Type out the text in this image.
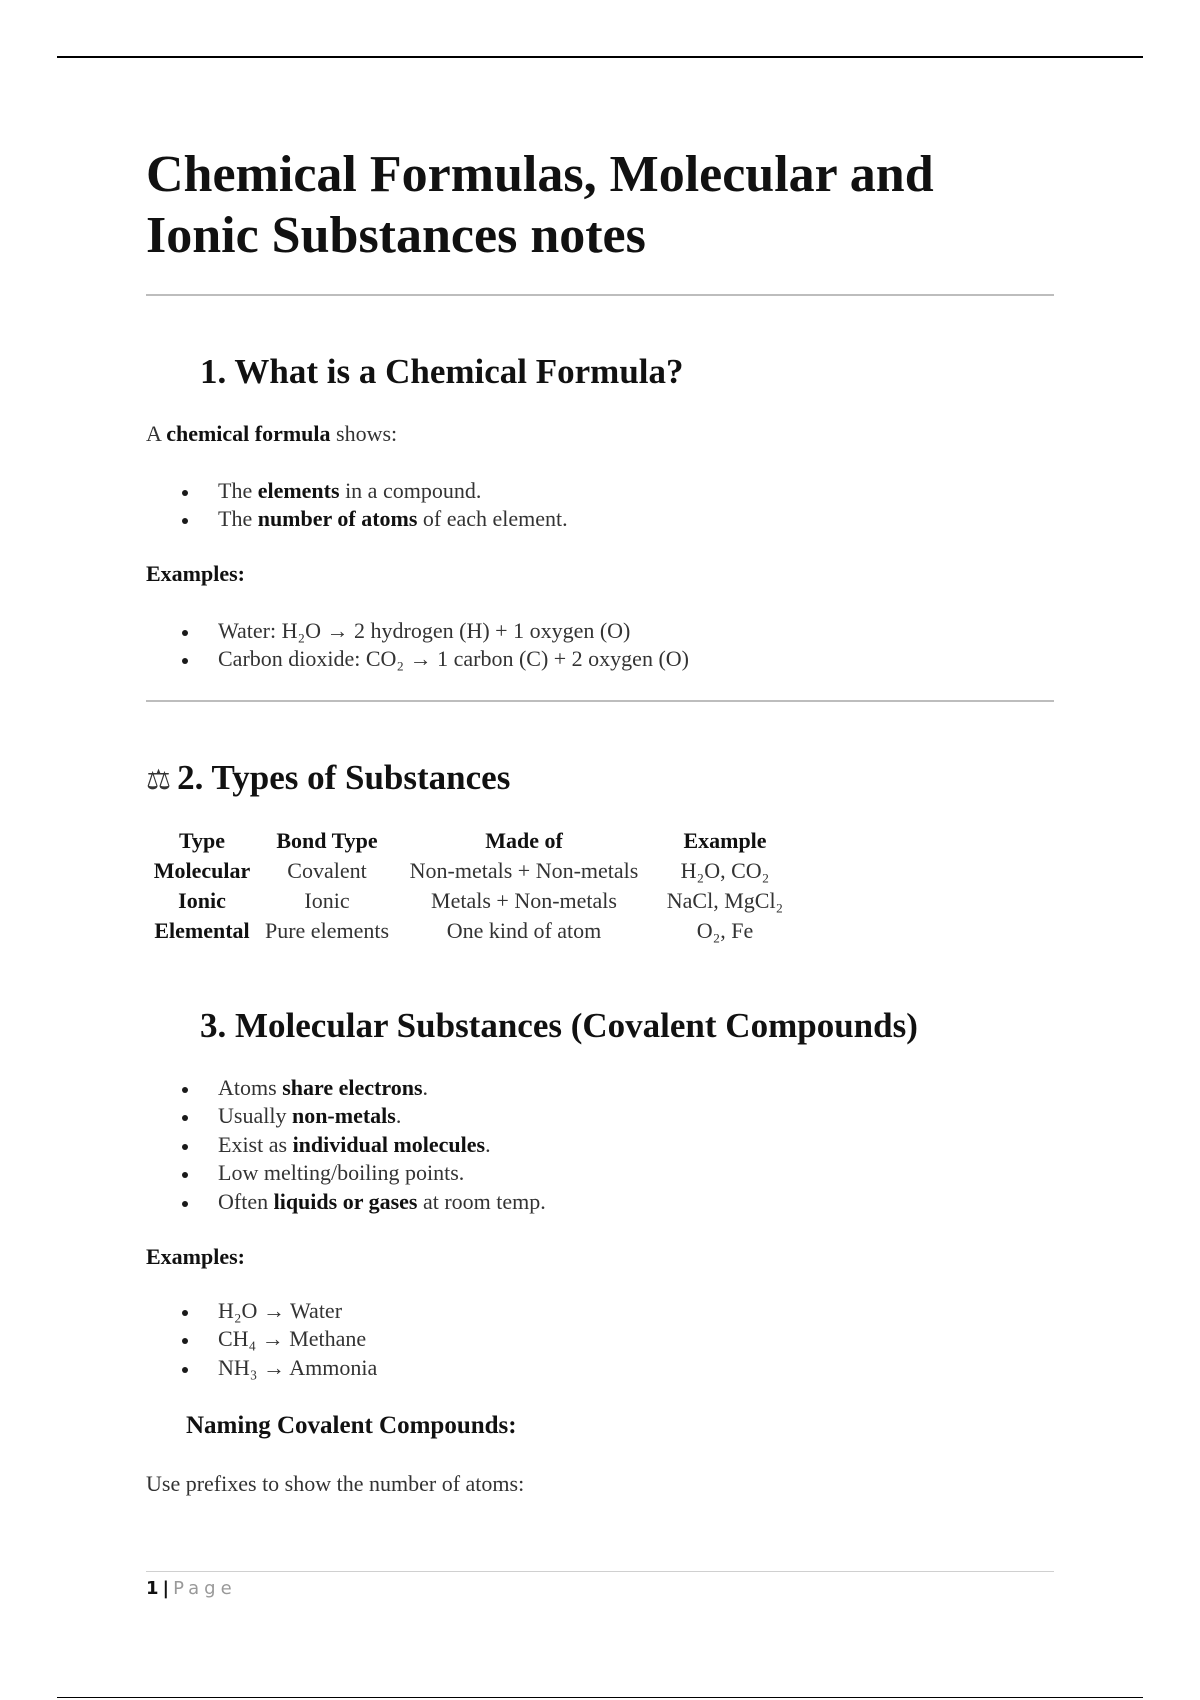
Chemical Formulas, Molecular and Ionic Substances notes
1. What is a Chemical Formula?

A chemical formula shows:

The elements in a compound.
The number of atoms of each element.

Examples:

Water: H₂O → 2 hydrogen (H) + 1 oxygen (O)
Carbon dioxide: CO₂ → 1 carbon (C) + 2 oxygen (O)
⚖ 2. Types of Substances
Type	Bond Type	Made of	Example
Molecular	Covalent	Non-metals + Non-metals	H₂O, CO₂
Ionic	Ionic	Metals + Non-metals	NaCl, MgCl₂
Elemental	Pure elements	One kind of atom	O₂, Fe
3. Molecular Substances (Covalent Compounds)
Atoms share electrons.
Usually non-metals.
Exist as individual molecules.
Low melting/boiling points.
Often liquids or gases at room temp.

Examples:

H₂O → Water
CH₄ → Methane
NH₃ → Ammonia
Naming Covalent Compounds:

Use prefixes to show the number of atoms:

1 | Page
